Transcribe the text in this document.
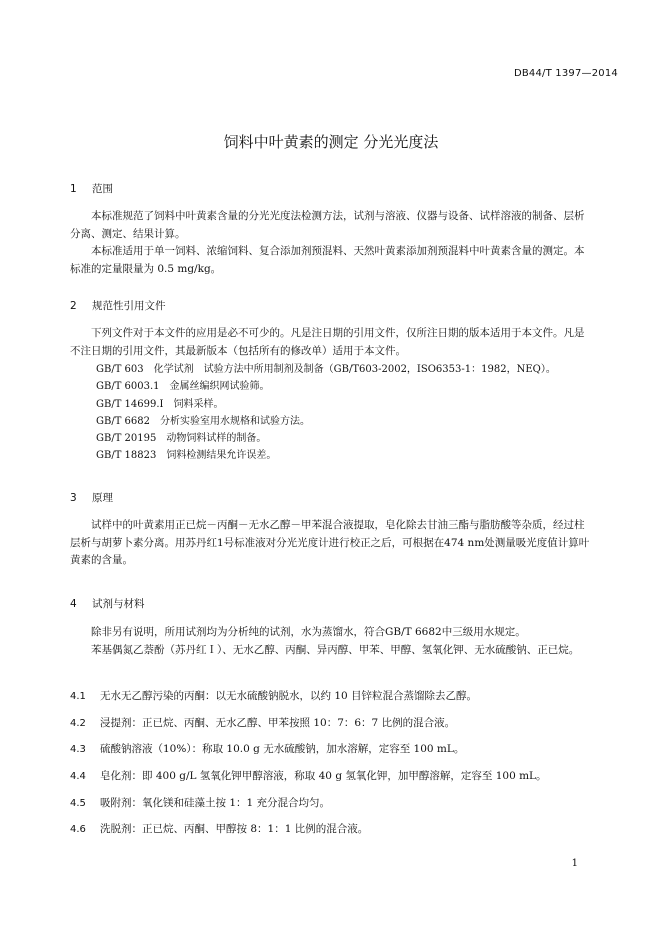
DB44/T 1397—2014
饲料中叶黄素的测定 分光光度法
1 范围

本标准规范了饲料中叶黄素含量的分光光度法检测方法，试剂与溶液、仪器与设备、试样溶液的制备、层析分离、测定、结果计算。

本标准适用于单一饲料、浓缩饲料、复合添加剂预混料、天然叶黄素添加剂预混料中叶黄素含量的测定。本标准的定量限量为 0.5 mg/kg。

2 规范性引用文件

下列文件对于本文件的应用是必不可少的。凡是注日期的引用文件，仅所注日期的版本适用于本文件。凡是不注日期的引用文件，其最新版本（包括所有的修改单）适用于本文件。

GB/T 603　化学试剂　试验方法中所用制剂及制备（GB/T603-2002，ISO6353-1：1982，NEQ）。
GB/T 6003.1　金属丝编织网试验筛。
GB/T 14699.I　饲料采样。
GB/T 6682　分析实验室用水规格和试验方法。
GB/T 20195　动物饲料试样的制备。
GB/T 18823　饲料检测结果允许误差。
3 原理

试样中的叶黄素用正已烷－丙酮－无水乙醇－甲苯混合液提取，皂化除去甘油三酯与脂肪酸等杂质，经过柱层析与胡萝卜素分离。用苏丹红1号标准液对分光光度计进行校正之后，可根据在474 nm处测量吸光度值计算叶黄素的含量。

4 试剂与材料

除非另有说明，所用试剂均为分析纯的试剂，水为蒸馏水，符合GB/T 6682中三级用水规定。

苯基偶氮乙萘酚（苏丹红Ｉ）、无水乙醇、丙酮、异丙醇、甲苯、甲醇、氢氧化钾、无水硫酸钠、正已烷。

4.1 无水无乙醇污染的丙酮：以无水硫酸钠脱水，以约 10 目锌粒混合蒸馏除去乙醇。
4.2 浸提剂：正已烷、丙酮、无水乙醇、甲苯按照 10：7：6：7 比例的混合液。
4.3 硫酸钠溶液（10%）：称取 10.0 g 无水硫酸钠，加水溶解，定容至 100 mL。
4.4 皂化剂：即 400 g/L 氢氧化钾甲醇溶液，称取 40 g 氢氧化钾，加甲醇溶解，定容至 100 mL。
4.5 吸附剂：氧化镁和硅藻土按 1：1 充分混合均匀。
4.6 洗脱剂：正已烷、丙酮、甲醇按 8：1：1 比例的混合液。
1
